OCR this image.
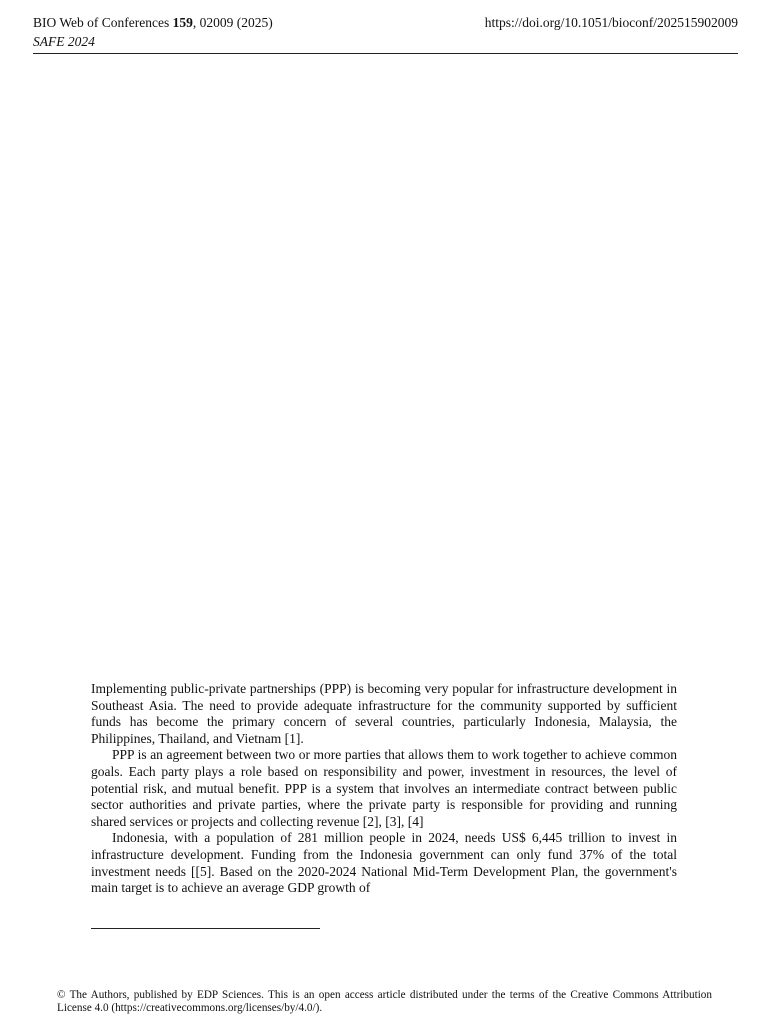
BIO Web of Conferences 159, 02009 (2025)
SAFE 2024
https://doi.org/10.1051/bioconf/202515902009

Implementing public-private partnerships (PPP) is becoming very popular for infrastructure development in Southeast Asia. The need to provide adequate infrastructure for the community supported by sufficient funds has become the primary concern of several countries, particularly Indonesia, Malaysia, the Philippines, Thailand, and Vietnam [1].

PPP is an agreement between two or more parties that allows them to work together to achieve common goals. Each party plays a role based on responsibility and power, investment in resources, the level of potential risk, and mutual benefit. PPP is a system that involves an intermediate contract between public sector authorities and private parties, where the private party is responsible for providing and running shared services or projects and collecting revenue [2], [3], [4]

Indonesia, with a population of 281 million people in 2024, needs US$ 6,445 trillion to invest in infrastructure development. Funding from the Indonesia government can only fund 37% of the total investment needs [[5]. Based on the 2020-2024 National Mid-Term Development Plan, the government's main target is to achieve an average GDP growth of

© The Authors, published by EDP Sciences. This is an open access article distributed under the terms of the Creative Commons Attribution License 4.0 (https://creativecommons.org/licenses/by/4.0/).
